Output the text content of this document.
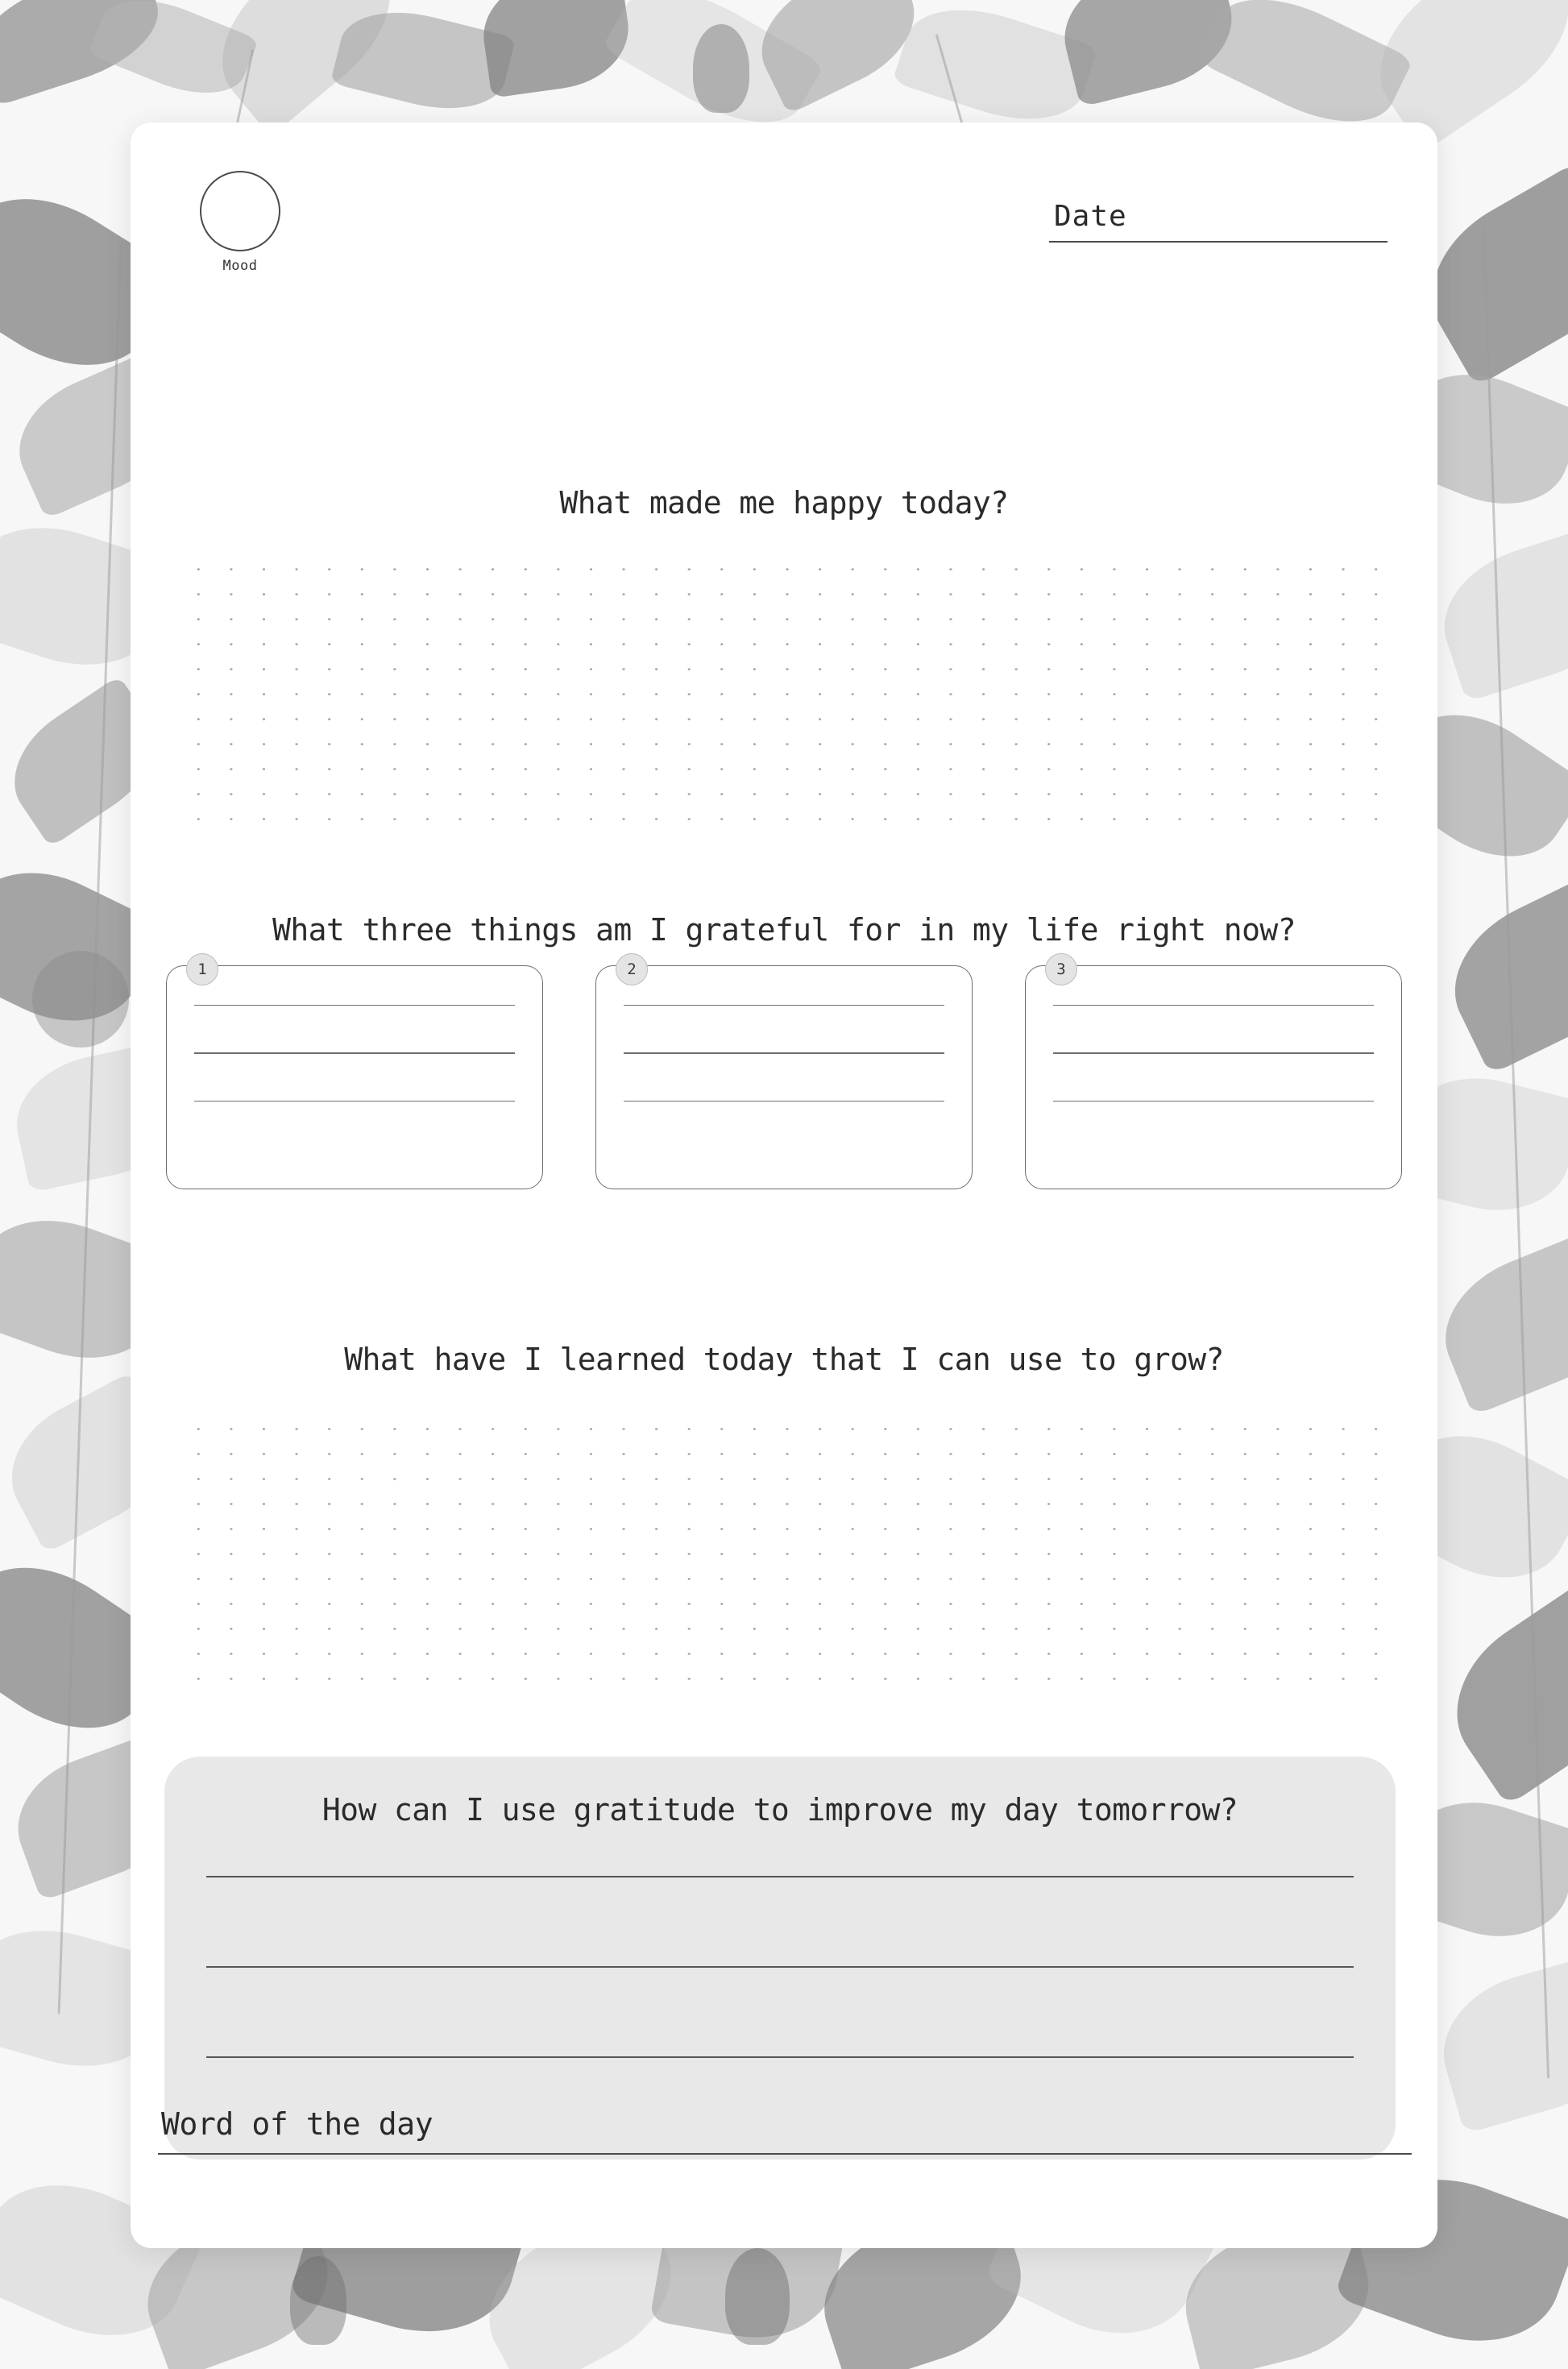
Mood
Date
What made me happy today?
What three things am I grateful for in my life right now?
1	2	3
What have I learned today that I can use to grow?
How can I use gratitude to improve my day tomorrow?
Word of the day
